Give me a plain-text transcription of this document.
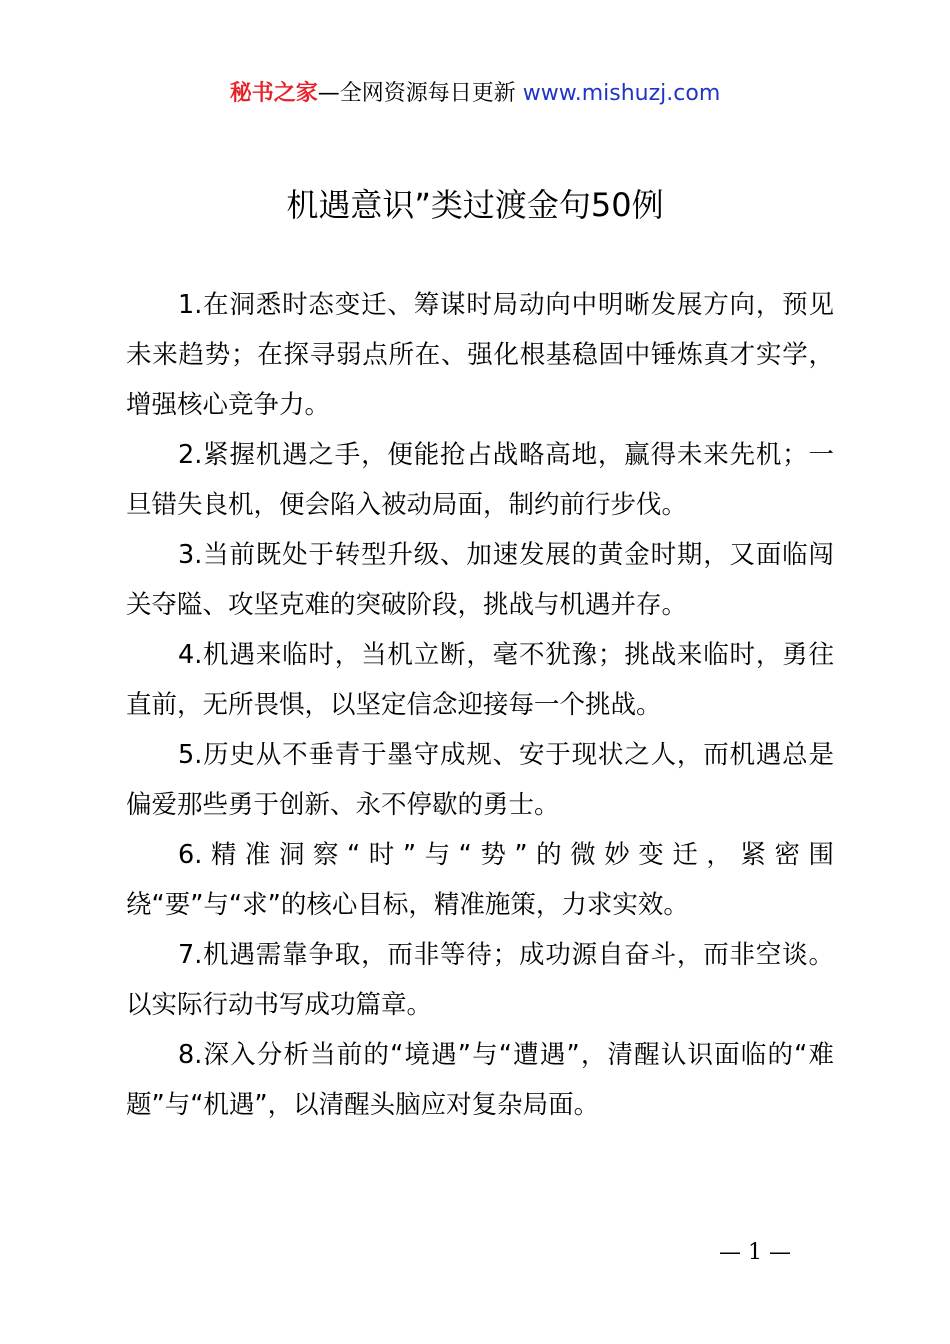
秘书之家—全网资源每日更新 www.mishuzj.com
机遇意识”类过渡金句50例

1.在洞悉时态变迁、筹谋时局动向中明晰发展方向，预见未来趋势；在探寻弱点所在、强化根基稳固中锤炼真才实学，增强核心竞争力。

2.紧握机遇之手，便能抢占战略高地，赢得未来先机；一旦错失良机，便会陷入被动局面，制约前行步伐。

3.当前既处于转型升级、加速发展的黄金时期，又面临闯关夺隘、攻坚克难的突破阶段，挑战与机遇并存。

4.机遇来临时，当机立断，毫不犹豫；挑战来临时，勇往直前，无所畏惧，以坚定信念迎接每一个挑战。

5.历史从不垂青于墨守成规、安于现状之人，而机遇总是偏爱那些勇于创新、永不停歇的勇士。

6.精准洞察“时”与“势”的微妙变迁，紧密围绕“要”与“求”的核心目标，精准施策，力求实效。

7.机遇需靠争取，而非等待；成功源自奋斗，而非空谈。以实际行动书写成功篇章。

8.深入分析当前的“境遇”与“遭遇”，清醒认识面临的“难题”与“机遇”，以清醒头脑应对复杂局面。

— 1 —
